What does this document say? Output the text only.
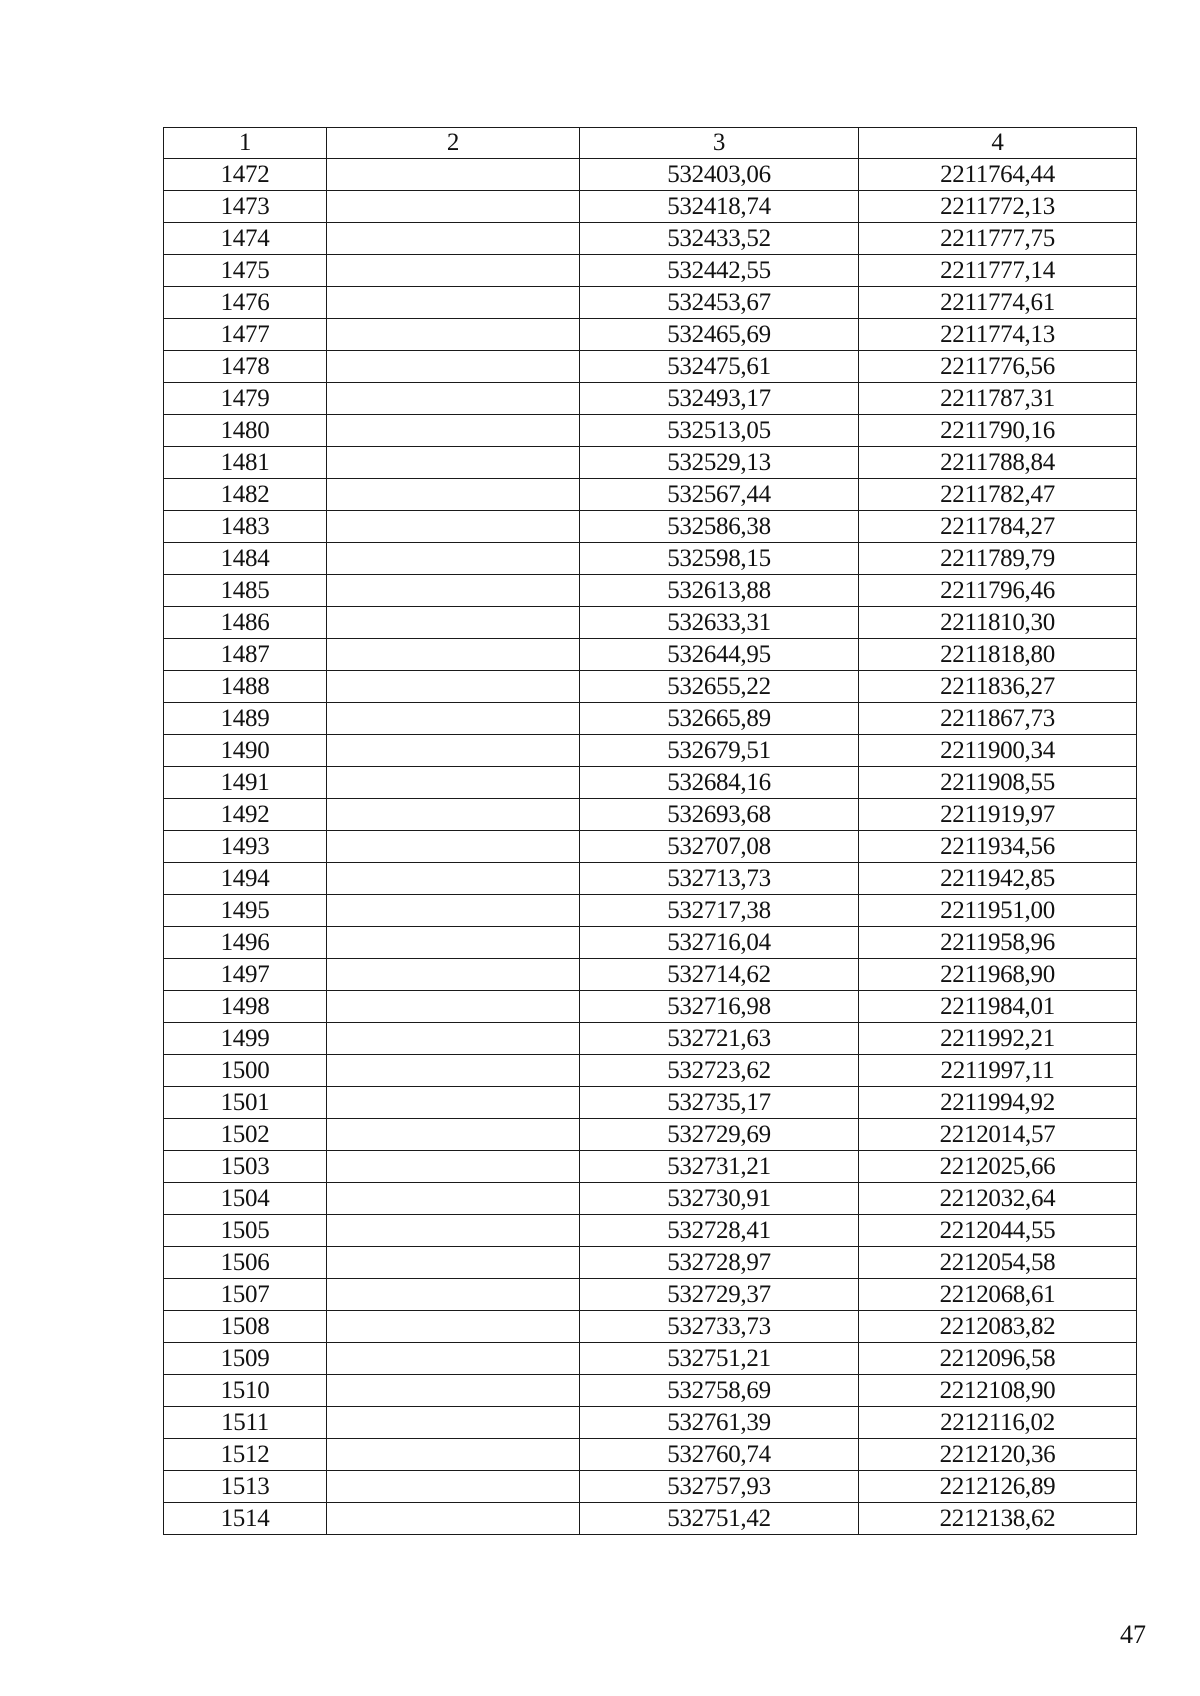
1	2	3	4
1472		532403,06	2211764,44
1473		532418,74	2211772,13
1474		532433,52	2211777,75
1475		532442,55	2211777,14
1476		532453,67	2211774,61
1477		532465,69	2211774,13
1478		532475,61	2211776,56
1479		532493,17	2211787,31
1480		532513,05	2211790,16
1481		532529,13	2211788,84
1482		532567,44	2211782,47
1483		532586,38	2211784,27
1484		532598,15	2211789,79
1485		532613,88	2211796,46
1486		532633,31	2211810,30
1487		532644,95	2211818,80
1488		532655,22	2211836,27
1489		532665,89	2211867,73
1490		532679,51	2211900,34
1491		532684,16	2211908,55
1492		532693,68	2211919,97
1493		532707,08	2211934,56
1494		532713,73	2211942,85
1495		532717,38	2211951,00
1496		532716,04	2211958,96
1497		532714,62	2211968,90
1498		532716,98	2211984,01
1499		532721,63	2211992,21
1500		532723,62	2211997,11
1501		532735,17	2211994,92
1502		532729,69	2212014,57
1503		532731,21	2212025,66
1504		532730,91	2212032,64
1505		532728,41	2212044,55
1506		532728,97	2212054,58
1507		532729,37	2212068,61
1508		532733,73	2212083,82
1509		532751,21	2212096,58
1510		532758,69	2212108,90
1511		532761,39	2212116,02
1512		532760,74	2212120,36
1513		532757,93	2212126,89
1514		532751,42	2212138,62
47
